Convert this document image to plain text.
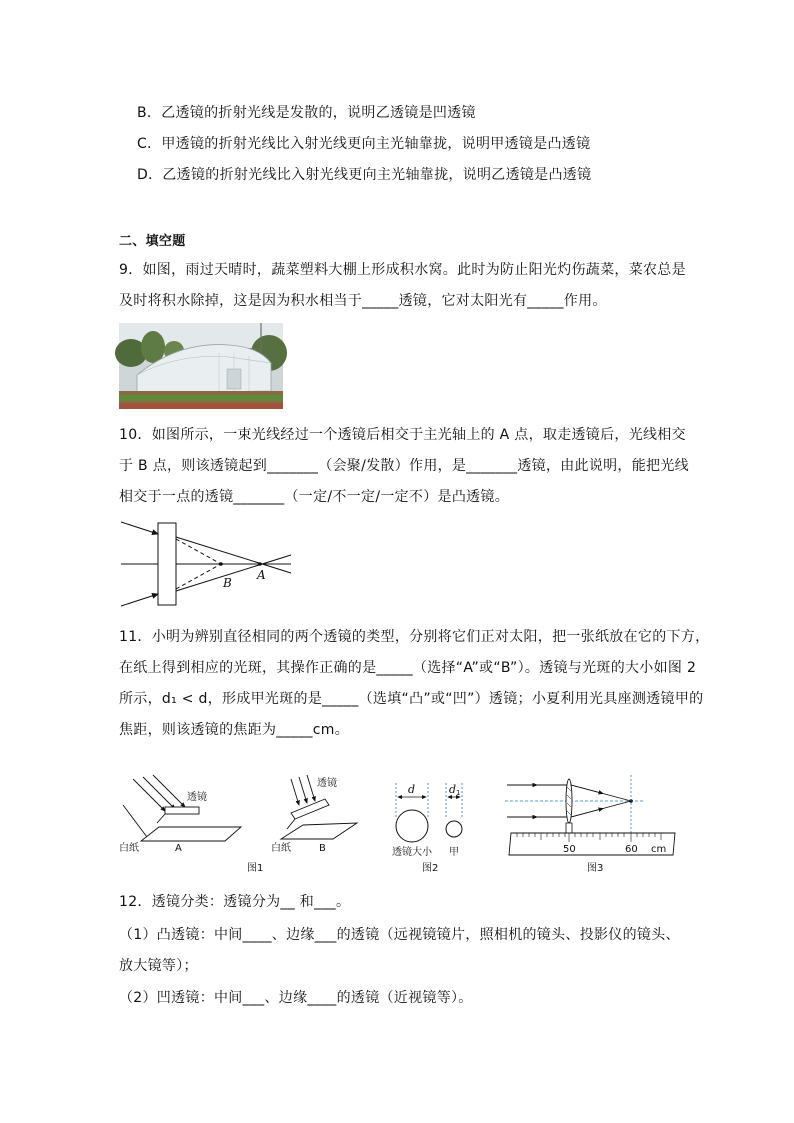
B．乙透镜的折射光线是发散的，说明乙透镜是凹透镜
C．甲透镜的折射光线比入射光线更向主光轴靠拢，说明甲透镜是凸透镜
D．乙透镜的折射光线比入射光线更向主光轴靠拢，说明乙透镜是凸透镜
二、填空题
9．如图，雨过天晴时，蔬菜塑料大棚上形成积水窝。此时为防止阳光灼伤蔬菜，菜农总是
及时将积水除掉，这是因为积水相当于_____透镜，它对太阳光有_____作用。
10．如图所示，一束光线经过一个透镜后相交于主光轴上的 A 点，取走透镜后，光线相交
于 B 点，则该透镜起到_______（会聚/发散）作用，是_______透镜，由此说明，能把光线
相交于一点的透镜_______（一定/不一定/一定不）是凸透镜。
B
A
11．小明为辨别直径相同的两个透镜的类型，分别将它们正对太阳，把一张纸放在它的下方，
在纸上得到相应的光斑，其操作正确的是_____（选择“A”或“B”）。透镜与光斑的大小如图 2
所示，d₁ < d，形成甲光斑的是_____（选填“凸”或“凹”）透镜；小夏利用光具座测透镜甲的
焦距，则该透镜的焦距为_____cm。
透镜
白纸	A
透镜
白纸	B
图1
d	d 1
透镜大小 甲
图2
50	60 cm
图3
12．透镜分类：透镜分为__ 和___。
（1）凸透镜：中间____、边缘___的透镜（远视镜镜片，照相机的镜头、投影仪的镜头、
放大镜等）；
（2）凹透镜：中间___、边缘____的透镜（近视镜等）。
